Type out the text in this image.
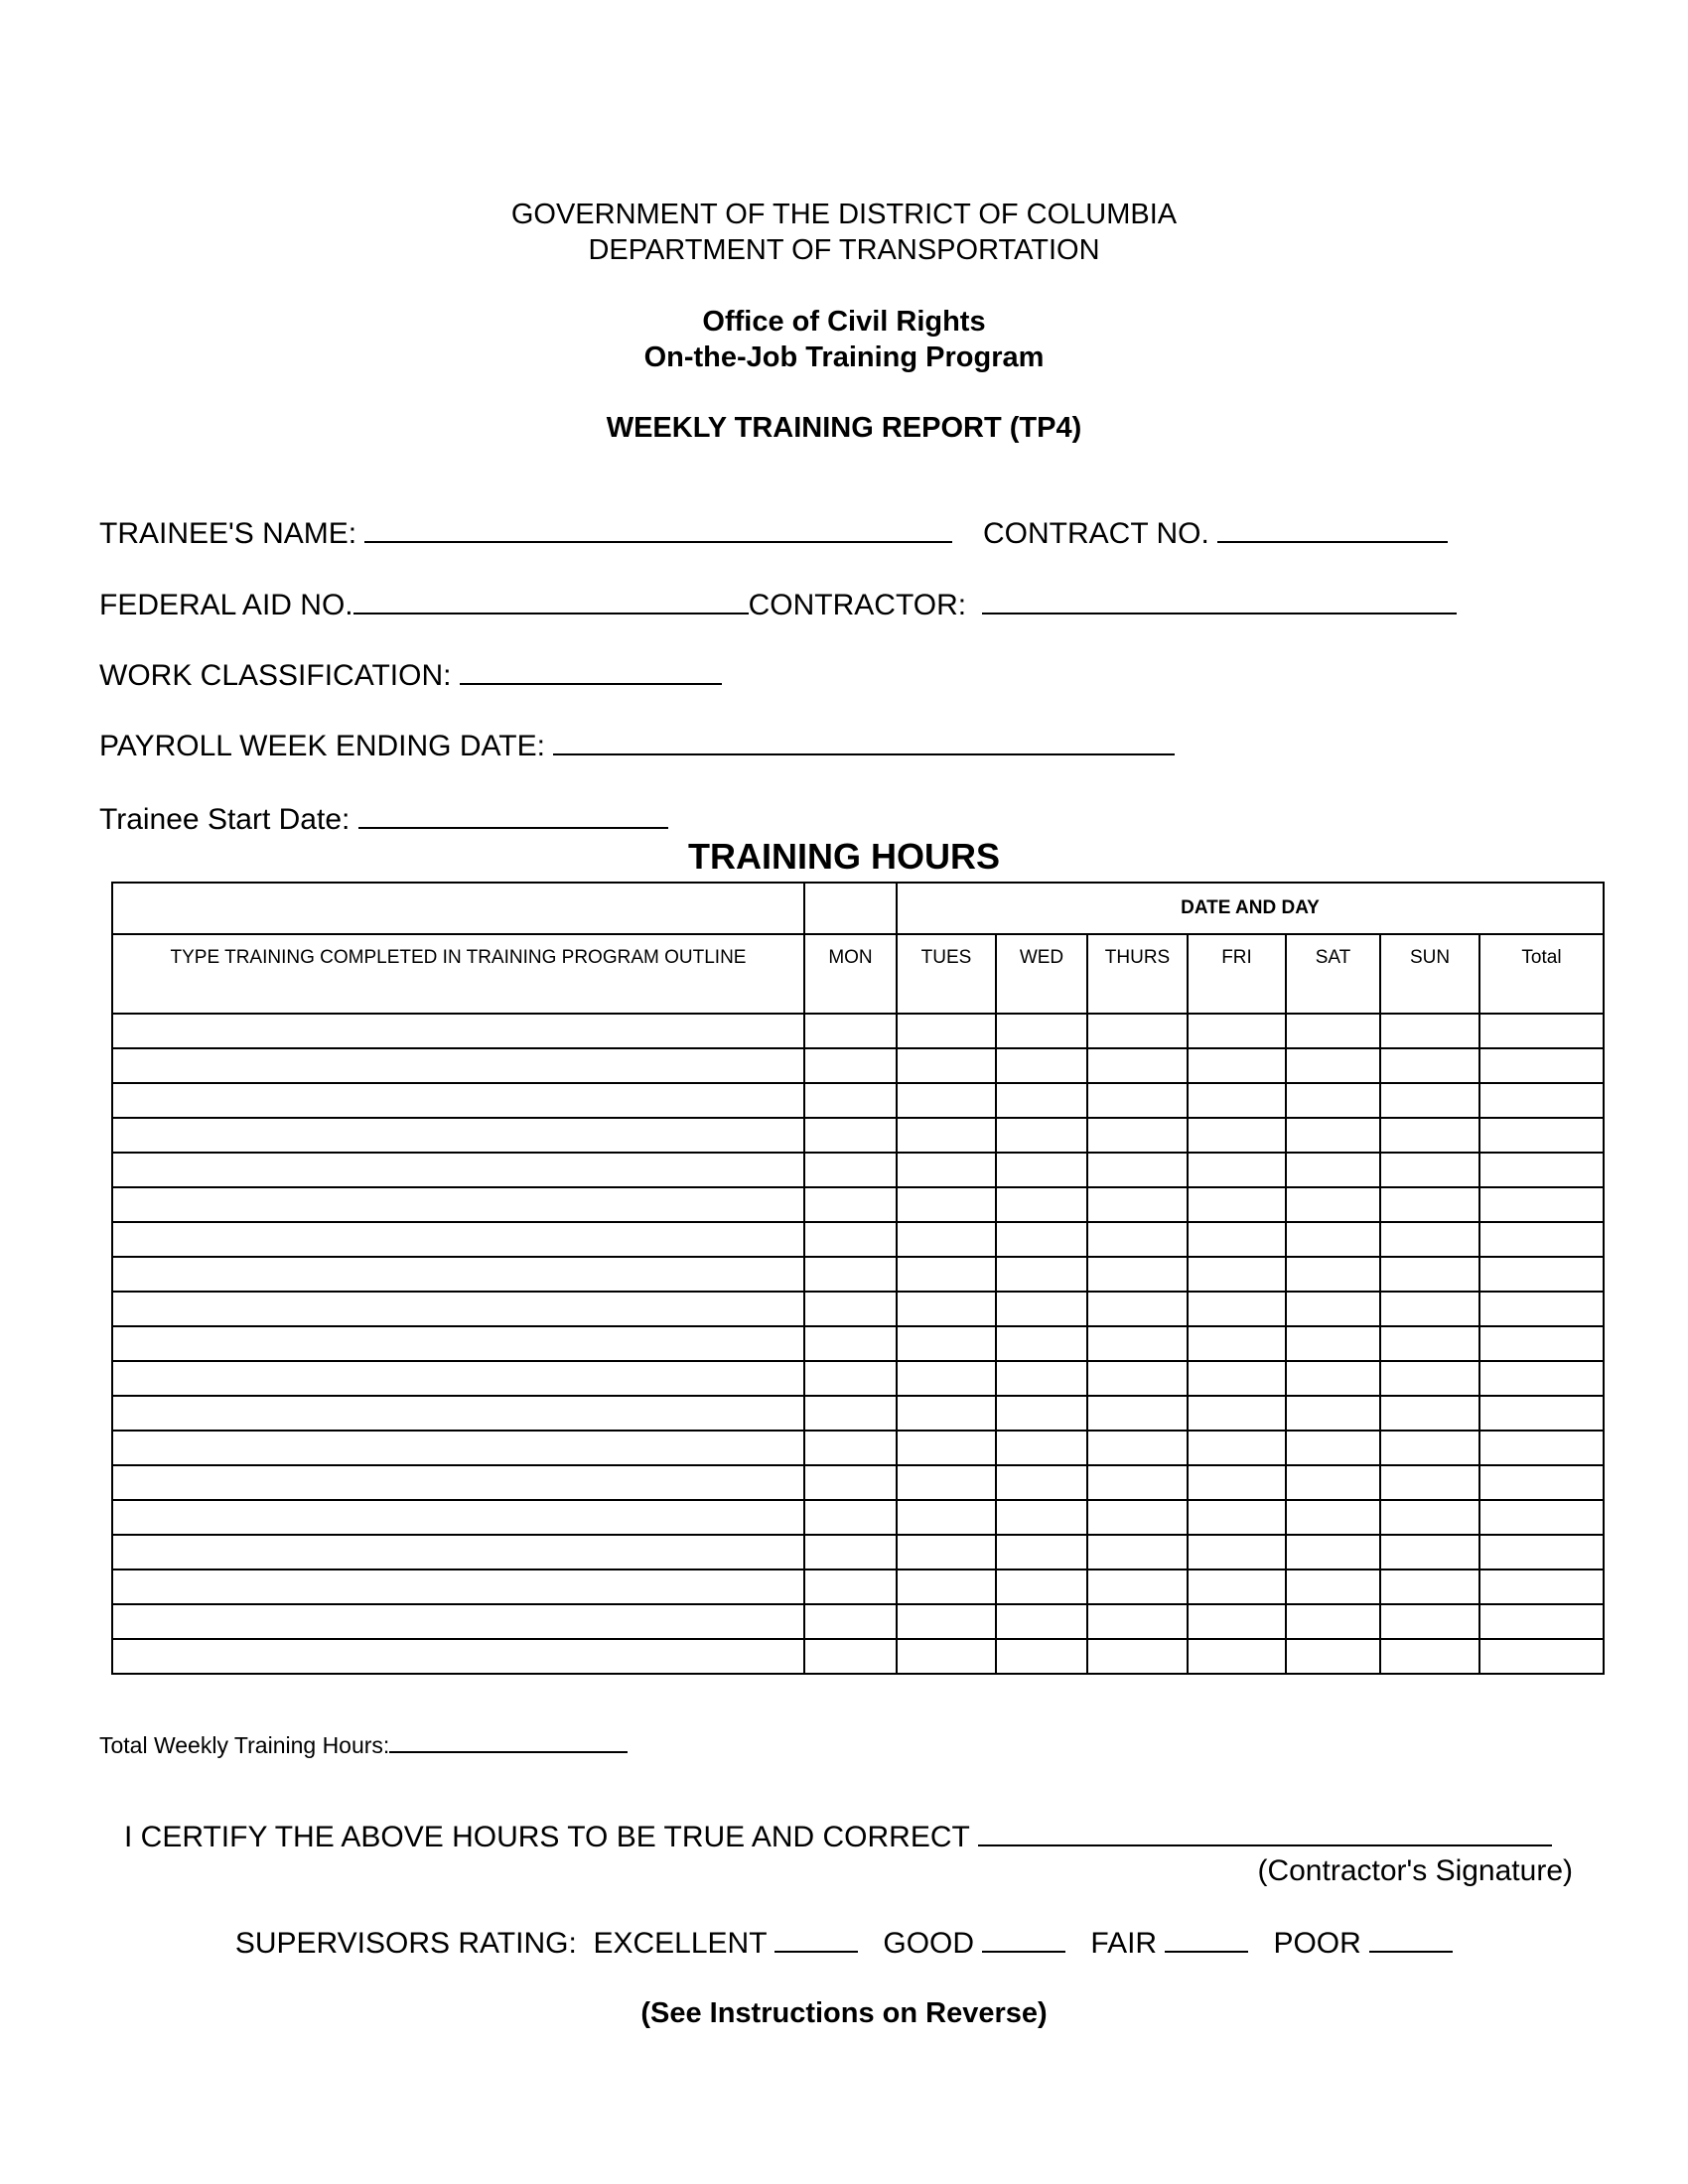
GOVERNMENT OF THE DISTRICT OF COLUMBIA
DEPARTMENT OF TRANSPORTATION
Office of Civil Rights
On-the-Job Training Program
WEEKLY TRAINING REPORT (TP4)
TRAINEE'S NAME:	CONTRACT NO.
FEDERAL AID NO.	CONTRACTOR:
WORK CLASSIFICATION:
PAYROLL WEEK ENDING DATE:
Trainee Start Date:
TRAINING HOURS
		DATE AND DAY						
TYPE TRAINING COMPLETED IN TRAINING PROGRAM OUTLINE	MON	TUES	WED	THURS	FRI	SAT	SUN	Total

Total Weekly Training Hours:
I CERTIFY THE ABOVE HOURS TO BE TRUE AND CORRECT
(Contractor's Signature)
SUPERVISORS RATING: EXCELLENT	GOOD	FAIR	POOR
(See Instructions on Reverse)
